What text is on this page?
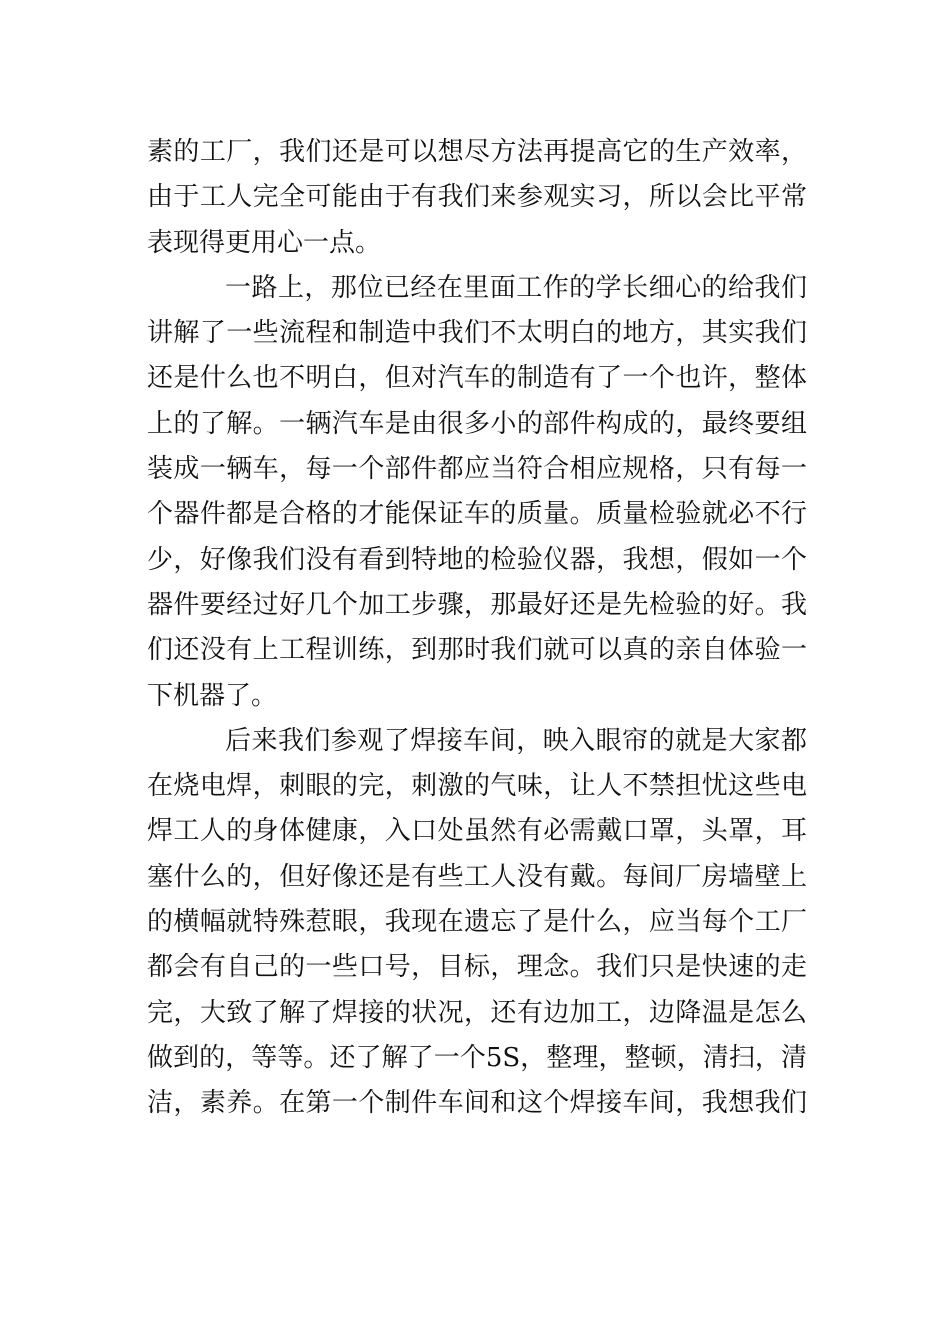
素的工厂，我们还是可以想尽方法再提高它的生产效率，
由于工人完全可能由于有我们来参观实习，所以会比平常
表现得更用心一点。
一路上，那位已经在里面工作的学长细心的给我们
讲解了一些流程和制造中我们不太明白的地方，其实我们
还是什么也不明白，但对汽车的制造有了一个也许，整体
上的了解。一辆汽车是由很多小的部件构成的，最终要组
装成一辆车，每一个部件都应当符合相应规格，只有每一
个器件都是合格的才能保证车的质量。质量检验就必不行
少，好像我们没有看到特地的检验仪器，我想，假如一个
器件要经过好几个加工步骤，那最好还是先检验的好。我
们还没有上工程训练，到那时我们就可以真的亲自体验一
下机器了。
后来我们参观了焊接车间，映入眼帘的就是大家都
在烧电焊，刺眼的完，刺激的气味，让人不禁担忧这些电
焊工人的身体健康，入口处虽然有必需戴口罩，头罩，耳
塞什么的，但好像还是有些工人没有戴。每间厂房墙壁上
的横幅就特殊惹眼，我现在遗忘了是什么，应当每个工厂
都会有自己的一些口号，目标，理念。我们只是快速的走
完，大致了解了焊接的状况，还有边加工，边降温是怎么
做到的，等等。还了解了一个5S，整理，整顿，清扫，清
洁，素养。在第一个制件车间和这个焊接车间，我想我们
